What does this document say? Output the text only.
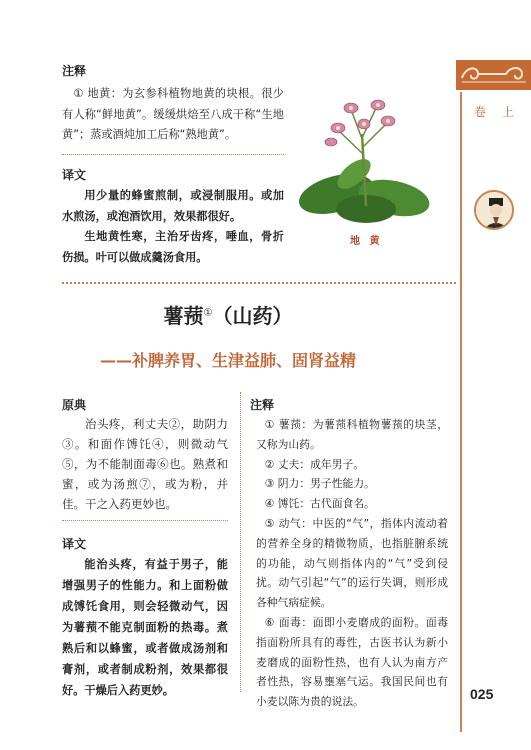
卷 上
025
注释
① 地黄：为玄参科植物地黄的块根。很少有人称“鲜地黄”。缓缓烘焙至八成干称“生地黄”；蒸或酒炖加工后称“熟地黄”。
译文
用少量的蜂蜜煎制，或浸制服用。或加水煎汤，或泡酒饮用，效果都很好。
生地黄性寒，主治牙齿疼，唾血，骨折伤损。叶可以做成羹汤食用。
地 黄
薯蓣①（山药）
——补脾养胃、生津益肺、固肾益精
原典
治头疼，利丈夫②，助阴力③。和面作馎饦④，则微动气⑤，为不能制面毒⑥也。熟煮和蜜，或为汤煎⑦，或为粉，并佳。干之入药更妙也。
译文
能治头疼，有益于男子，能增强男子的性能力。和上面粉做成馎饦食用，则会轻微动气，因为薯蓣不能克制面粉的热毒。煮熟后和以蜂蜜，或者做成汤剂和膏剂，或者制成粉剂，效果都很好。干燥后入药更妙。
注释

① 薯蓣：为薯蓣科植物薯蓣的块茎，又称为山药。

② 丈夫：成年男子。

③ 阴力：男子性能力。

④ 馎饦：古代面食名。

⑤ 动气：中医的“气”，指体内流动着的营养全身的精微物质，也指脏腑系统的功能，动气则指体内的“气”受到侵扰。动气引起“气”的运行失调，则形成各种气病症候。

⑥ 面毒：面即小麦磨成的面粉。面毒指面粉所具有的毒性，古医书认为新小麦磨成的面粉性热，也有人认为南方产者性热，容易壅塞气运。我国民间也有小麦以陈为贵的说法。
